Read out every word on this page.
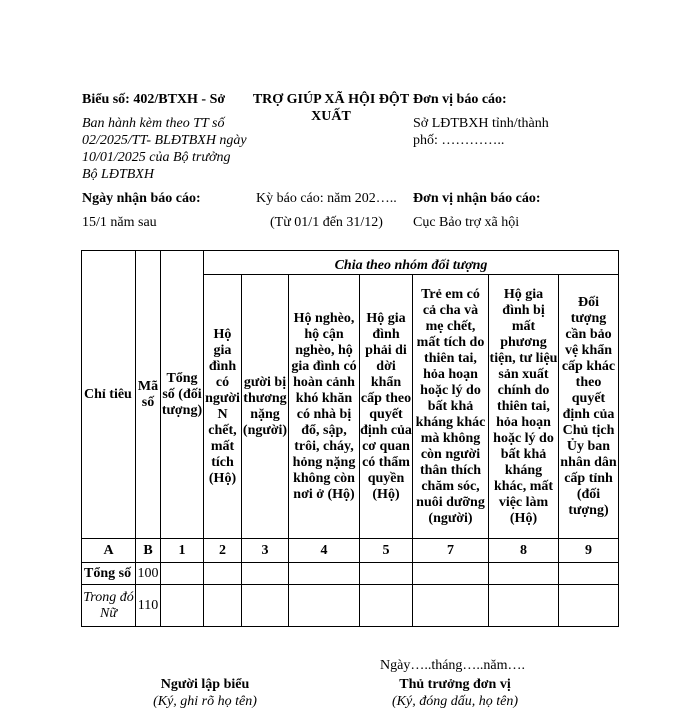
Biểu số: 402/BTXH - Sở
Ban hành kèm theo TT số 02/2025/TT- BLĐTBXH ngày 10/01/2025 của Bộ trưởng Bộ LĐTBXH
TRỢ GIÚP XÃ HỘI ĐỘT XUẤT
Đơn vị báo cáo:
Sở LĐTBXH tỉnh/thành phố: …………..
Ngày nhận báo cáo:
15/1 năm sau
Kỳ báo cáo: năm 202…..
(Từ 01/1 đến 31/12)
Đơn vị nhận báo cáo:
Cục Bảo trợ xã hội
Chỉ tiêu	Mã số	Tổng số (đối tượng)	Chia theo nhóm đối tượng						

			Hộ gia đình có người N chết, mất tích (Hộ)	gười bị thương nặng (người)	Hộ nghèo, hộ cận nghèo, hộ gia đình có hoàn cảnh khó khăn có nhà bị đổ, sập, trôi, cháy, hỏng nặng không còn nơi ở (Hộ)	Hộ gia đình phải di dời khẩn cấp theo quyết định của cơ quan có thẩm quyền (Hộ)	Trẻ em có cả cha và mẹ chết, mất tích do thiên tai, hỏa hoạn hoặc lý do bất khả kháng khác mà không còn người thân thích chăm sóc, nuôi dưỡng (người)	Hộ gia đình bị mất phương tiện, tư liệu sản xuất chính do thiên tai, hỏa hoạn hoặc lý do bất khả kháng khác, mất việc làm (Hộ)	Đối tượng cần bảo vệ khẩn cấp khác theo quyết định của Chủ tịch Ủy ban nhân dân cấp tỉnh (đối tượng)

A	B	1	2	3	4	5	7	8	9
Tổng số	100								
Trong đó Nữ	110								
Ngày…..tháng…..năm….
Người lập biểu
(Ký, ghi rõ họ tên)
Thủ trưởng đơn vị
(Ký, đóng dấu, họ tên)
